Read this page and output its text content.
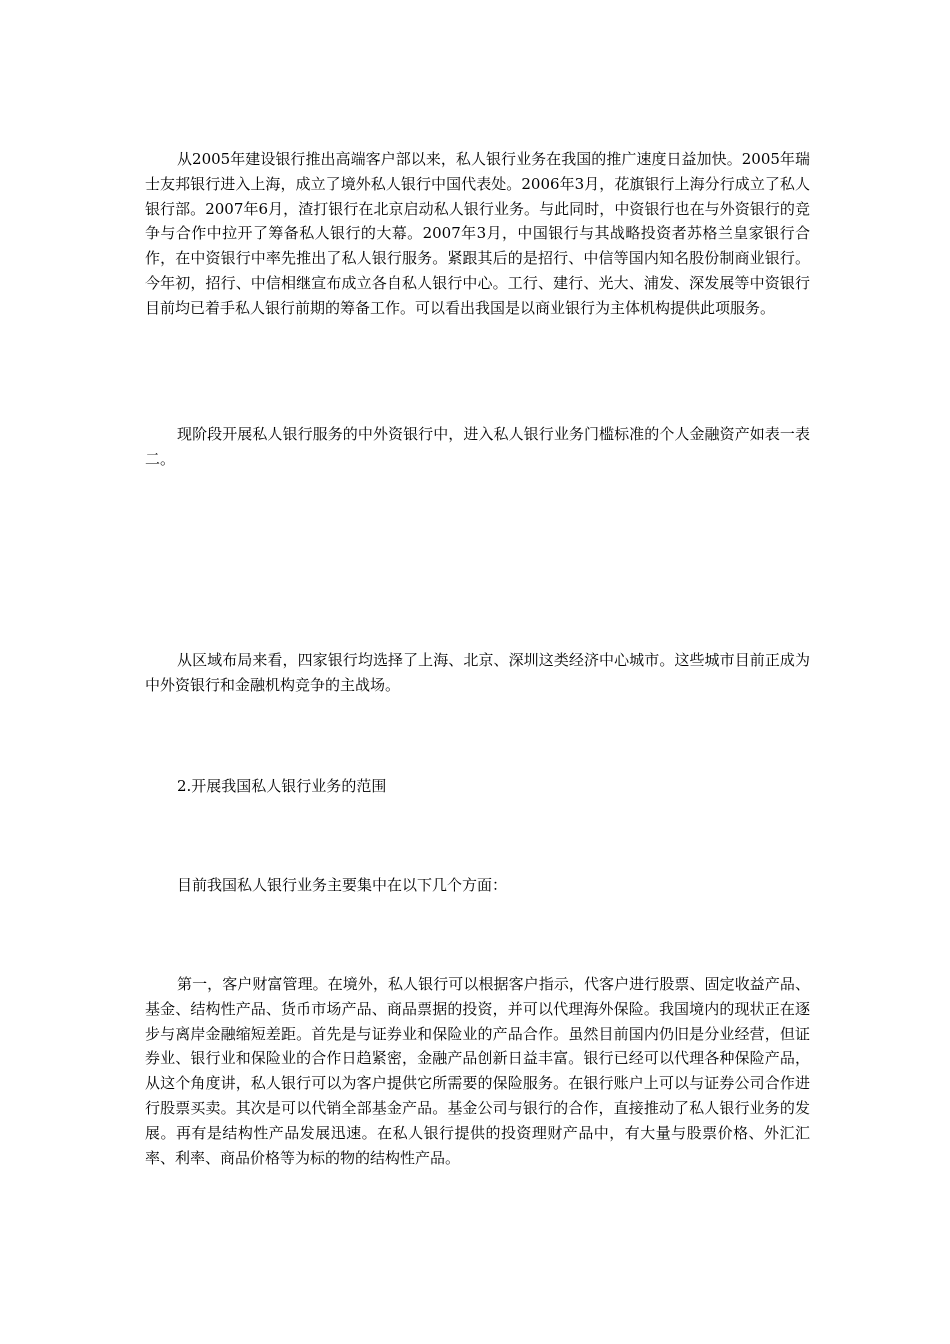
从2005年建设银行推出高端客户部以来，私人银行业务在我国的推广速度日益加快。2005年瑞士友邦银行进入上海，成立了境外私人银行中国代表处。2006年3月，花旗银行上海分行成立了私人银行部。2007年6月，渣打银行在北京启动私人银行业务。与此同时，中资银行也在与外资银行的竞争与合作中拉开了筹备私人银行的大幕。2007年3月，中国银行与其战略投资者苏格兰皇家银行合作，在中资银行中率先推出了私人银行服务。紧跟其后的是招行、中信等国内知名股份制商业银行。今年初，招行、中信相继宣布成立各自私人银行中心。工行、建行、光大、浦发、深发展等中资银行目前均已着手私人银行前期的筹备工作。可以看出我国是以商业银行为主体机构提供此项服务。

现阶段开展私人银行服务的中外资银行中，进入私人银行业务门槛标准的个人金融资产如表一表二。

从区域布局来看，四家银行均选择了上海、北京、深圳这类经济中心城市。这些城市目前正成为中外资银行和金融机构竞争的主战场。

2.开展我国私人银行业务的范围

目前我国私人银行业务主要集中在以下几个方面：

第一，客户财富管理。在境外，私人银行可以根据客户指示，代客户进行股票、固定收益产品、基金、结构性产品、货币市场产品、商品票据的投资，并可以代理海外保险。我国境内的现状正在逐步与离岸金融缩短差距。首先是与证券业和保险业的产品合作。虽然目前国内仍旧是分业经营，但证券业、银行业和保险业的合作日趋紧密，金融产品创新日益丰富。银行已经可以代理各种保险产品，从这个角度讲，私人银行可以为客户提供它所需要的保险服务。在银行账户上可以与证券公司合作进行股票买卖。其次是可以代销全部基金产品。基金公司与银行的合作，直接推动了私人银行业务的发展。再有是结构性产品发展迅速。在私人银行提供的投资理财产品中，有大量与股票价格、外汇汇率、利率、商品价格等为标的物的结构性产品。
